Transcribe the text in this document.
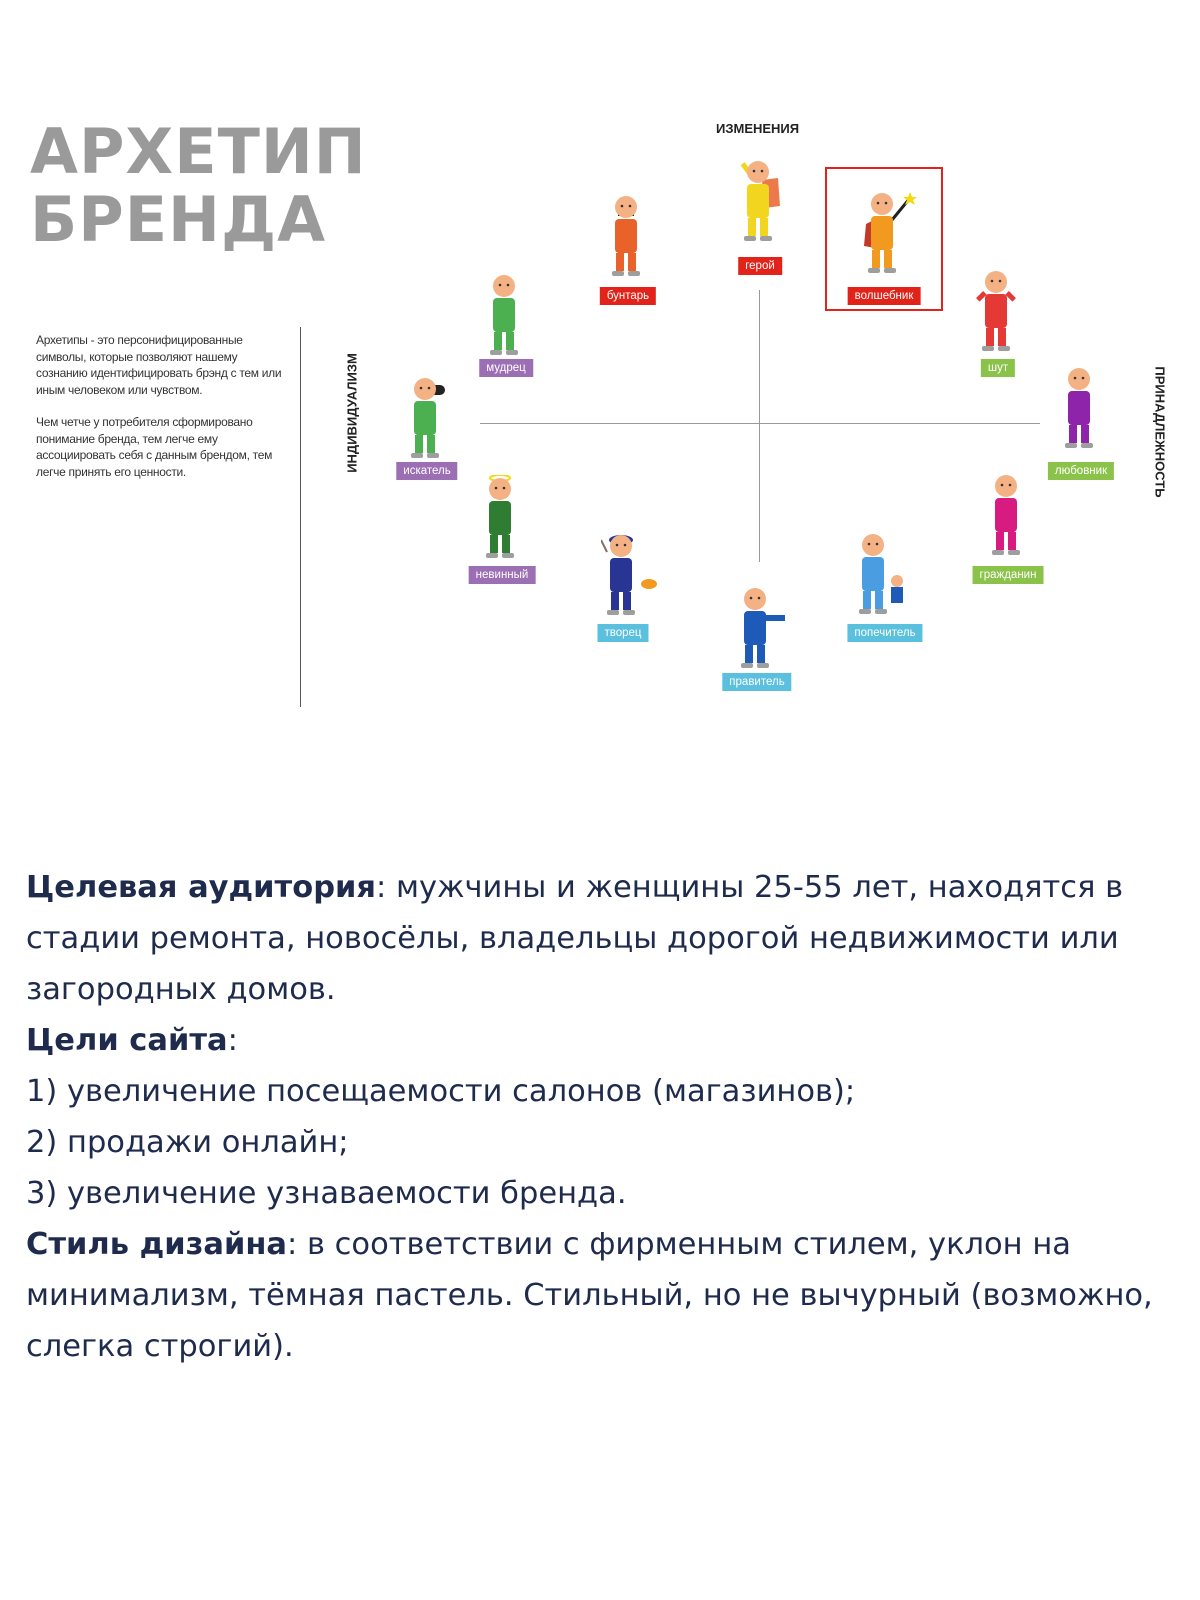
АРХЕТИП
БРЕНДА

Архетипы - это персонифицированные символы, которые позволяют нашему сознанию идентифицировать брэнд с тем или иным человеком или чувством.

Чем четче у потребителя сформировано понимание бренда, тем легче ему ассоциировать себя с данным брендом, тем легче принять его ценности.

ИЗМЕНЕНИЯ
ИНДИВИДУАЛИЗМ	ПРИНАДЛЕЖНОСТЬ
герой
волшебник
бунтарь
шут
мудрец
любовник
искатель
гражданин
невинный
творец
правитель
попечитель

Целевая аудитория: мужчины и женщины 25-55 лет, находятся в стадии ремонта, новосёлы, владельцы дорогой недвижимости или загородных домов.

Цели сайта:

1) увеличение посещаемости салонов (магазинов);

2) продажи онлайн;

3) увеличение узнаваемости бренда.

Стиль дизайна: в соответствии с фирменным стилем, уклон на минимализм, тёмная пастель. Стильный, но не вычурный (возможно, слегка строгий).
